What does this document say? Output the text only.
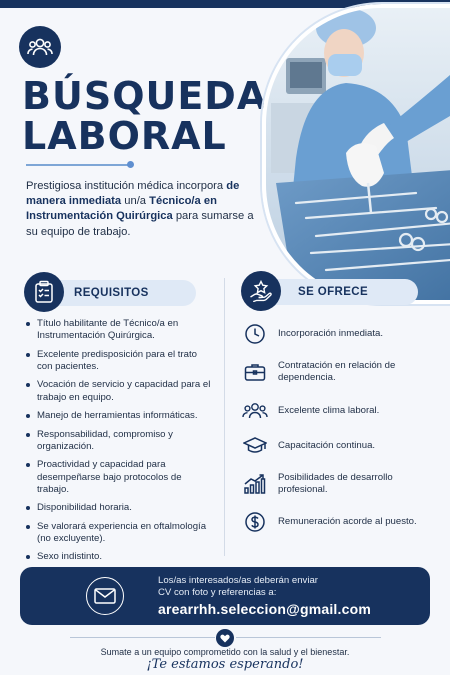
BÚSQUEDA
LABORAL

Prestigiosa institución médica incorpora de manera inmediata un/a Técnico/a en Instrumentación Quirúrgica para sumarse a su equipo de trabajo.

REQUISITOS	SE OFRECE
Título habilitante de Técnico/a en Instrumentación Quirúrgica.
Excelente predisposición para el trato con pacientes.
Vocación de servicio y capacidad para el trabajo en equipo.
Manejo de herramientas informáticas.
Responsabilidad, compromiso y organización.
Proactividad y capacidad para desempeñarse bajo protocolos de trabajo.
Disponibilidad horaria.
Se valorará experiencia en oftalmología (no excluyente).
Sexo indistinto.
Incorporación inmediata.
Contratación en relación de dependencia.
Excelente clima laboral.
Capacitación continua.
Posibilidades de desarrollo profesional.
Remuneración acorde al puesto.
Los/as interesados/as deberán enviar
CV con foto y referencias a:
arearrhh.seleccion@gmail.com
Sumate a un equipo comprometido con la salud y el bienestar.
¡Te estamos esperando!
